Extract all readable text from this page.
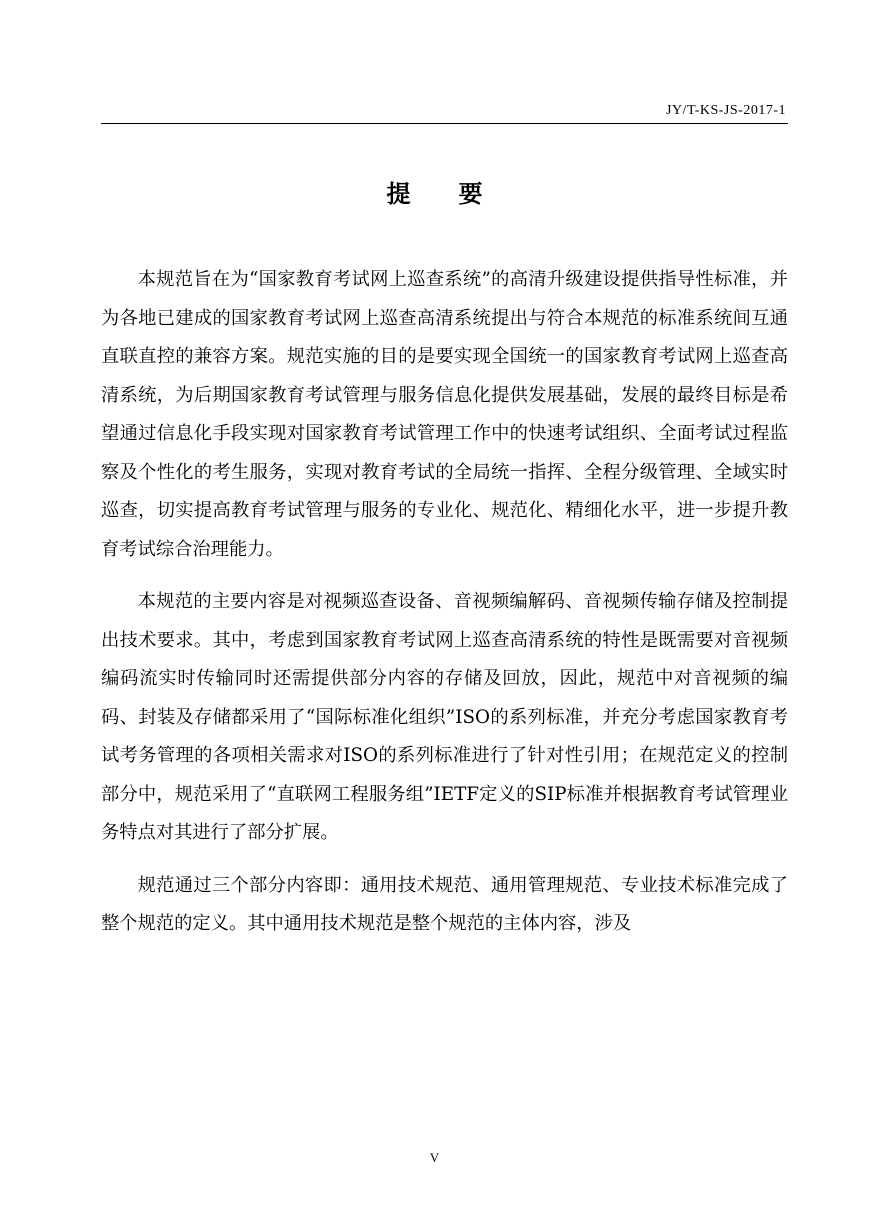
JY/T-KS-JS-2017-1
提要

本规范旨在为“国家教育考试网上巡查系统”的高清升级建设提供指导性标准，并为各地已建成的国家教育考试网上巡查高清系统提出与符合本规范的标准系统间互通直联直控的兼容方案。规范实施的目的是要实现全国统一的国家教育考试网上巡查高清系统，为后期国家教育考试管理与服务信息化提供发展基础，发展的最终目标是希望通过信息化手段实现对国家教育考试管理工作中的快速考试组织、全面考试过程监察及个性化的考生服务，实现对教育考试的全局统一指挥、全程分级管理、全域实时巡查，切实提高教育考试管理与服务的专业化、规范化、精细化水平，进一步提升教育考试综合治理能力。

本规范的主要内容是对视频巡查设备、音视频编解码、音视频传输存储及控制提出技术要求。其中，考虑到国家教育考试网上巡查高清系统的特性是既需要对音视频编码流实时传输同时还需提供部分内容的存储及回放，因此，规范中对音视频的编码、封装及存储都采用了“国际标准化组织”ISO的系列标准，并充分考虑国家教育考试考务管理的各项相关需求对ISO的系列标准进行了针对性引用；在规范定义的控制部分中，规范采用了“直联网工程服务组”IETF定义的SIP标准并根据教育考试管理业务特点对其进行了部分扩展。

规范通过三个部分内容即：通用技术规范、通用管理规范、专业技术标准完成了整个规范的定义。其中通用技术规范是整个规范的主体内容，涉及

V
